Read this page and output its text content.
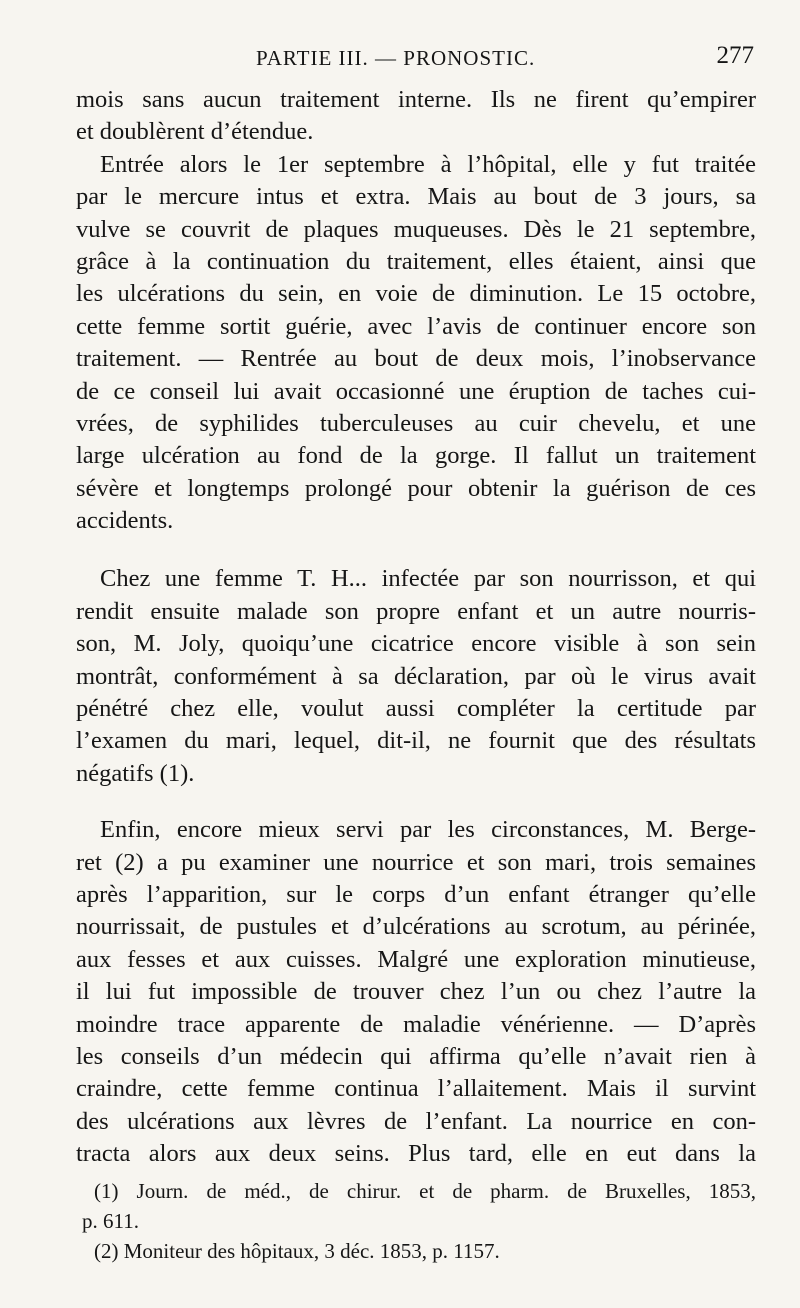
PARTIE III. — PRONOSTIC.	277
mois sans aucun traitement interne. Ils ne firent qu’empirer
et doublèrent d’étendue.
Entrée alors le 1er septembre à l’hôpital, elle y fut traitée
par le mercure intus et extra. Mais au bout de 3 jours, sa
vulve se couvrit de plaques muqueuses. Dès le 21 septembre,
grâce à la continuation du traitement, elles étaient, ainsi que
les ulcérations du sein, en voie de diminution. Le 15 octobre,
cette femme sortit guérie, avec l’avis de continuer encore son
traitement. — Rentrée au bout de deux mois, l’inobservance
de ce conseil lui avait occasionné une éruption de taches cui-
vrées, de syphilides tuberculeuses au cuir chevelu, et une
large ulcération au fond de la gorge. Il fallut un traitement
sévère et longtemps prolongé pour obtenir la guérison de ces
accidents.
Chez une femme T. H... infectée par son nourrisson, et qui
rendit ensuite malade son propre enfant et un autre nourris-
son, M. Joly, quoiqu’une cicatrice encore visible à son sein
montrât, conformément à sa déclaration, par où le virus avait
pénétré chez elle, voulut aussi compléter la certitude par
l’examen du mari, lequel, dit-il, ne fournit que des résultats
négatifs (1).
Enfin, encore mieux servi par les circonstances, M. Berge-
ret (2) a pu examiner une nourrice et son mari, trois semaines
après l’apparition, sur le corps d’un enfant étranger qu’elle
nourrissait, de pustules et d’ulcérations au scrotum, au périnée,
aux fesses et aux cuisses. Malgré une exploration minutieuse,
il lui fut impossible de trouver chez l’un ou chez l’autre la
moindre trace apparente de maladie vénérienne. — D’après
les conseils d’un médecin qui affirma qu’elle n’avait rien à
craindre, cette femme continua l’allaitement. Mais il survint
des ulcérations aux lèvres de l’enfant. La nourrice en con-
tracta alors aux deux seins. Plus tard, elle en eut dans la
(1) Journ. de méd., de chirur. et de pharm. de Bruxelles, 1853,
p. 611.
(2) Moniteur des hôpitaux, 3 déc. 1853, p. 1157.
